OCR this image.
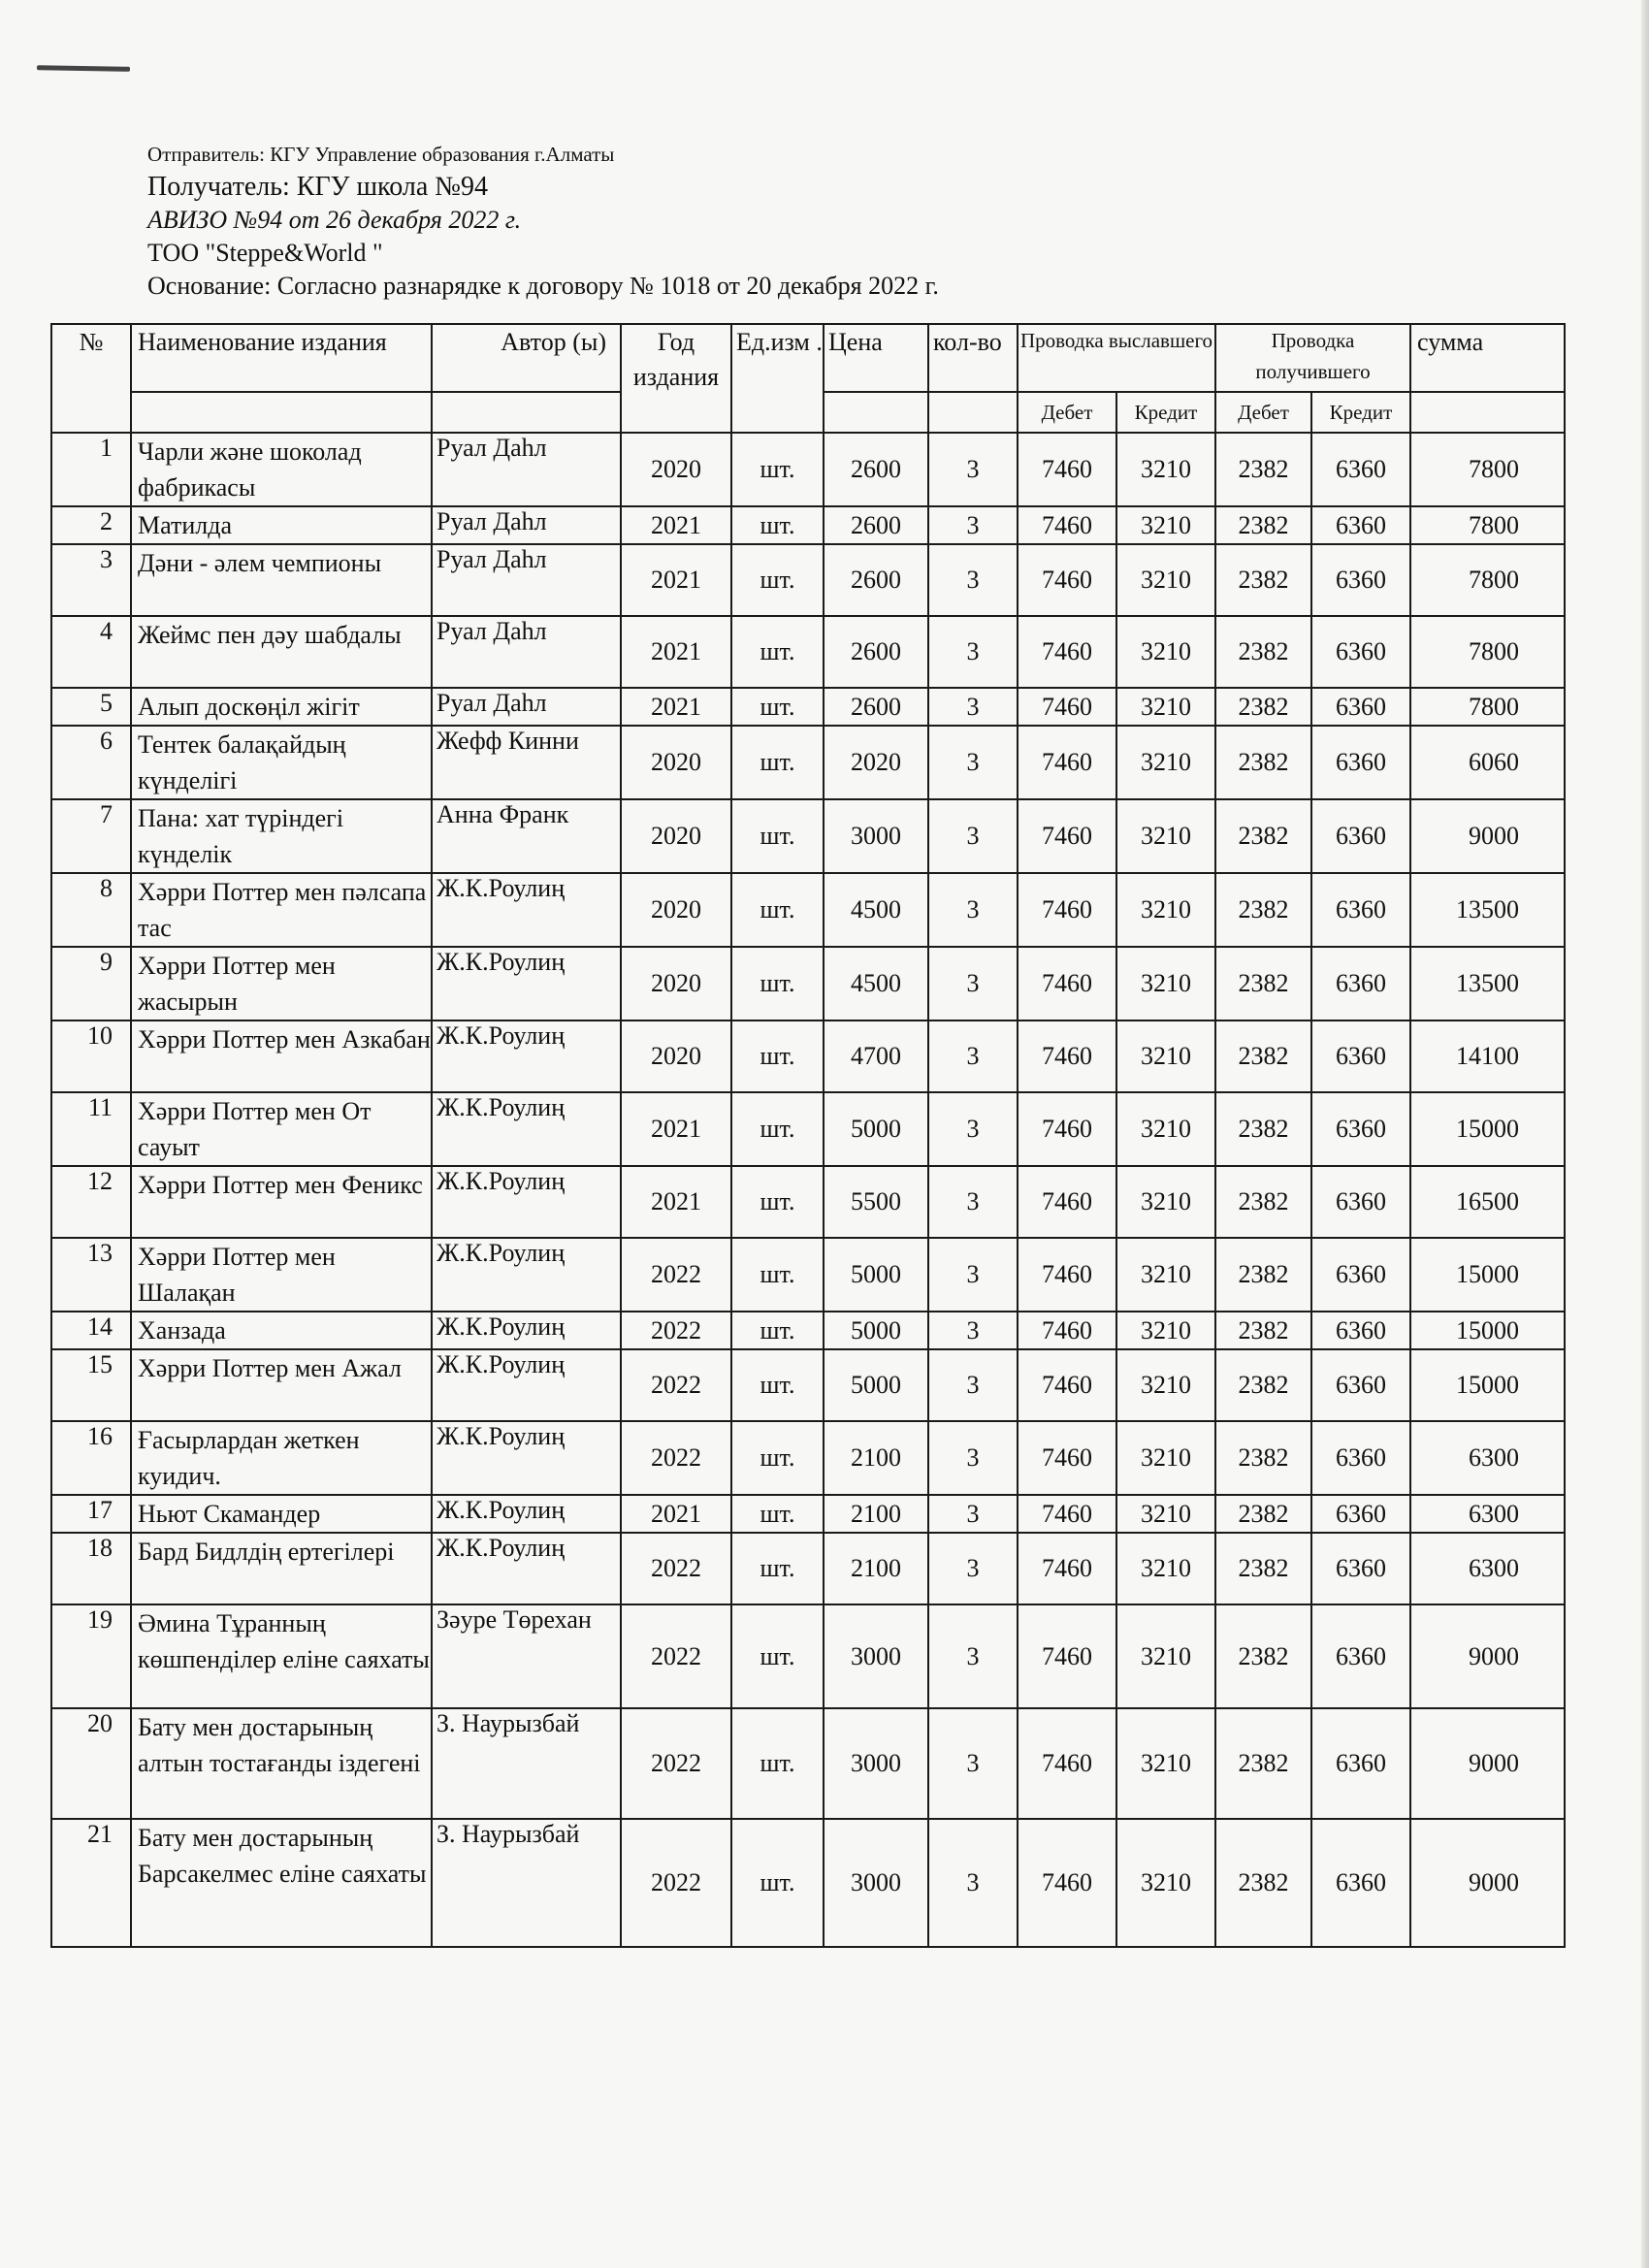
Отправитель: КГУ Управление образования г.Алматы
Получатель: КГУ школа №94
АВИЗО №94 от 26 декабря 2022 г.
ТОО "Steppe&World "
Основание: Согласно разнарядке к договору № 1018 от 20 декабря 2022 г.
№	Наименование издания	Автор (ы)	Год издания	Ед.изм .	Цена	кол-во	Проводка выславшего		Проводка получившего		сумма
							Дебет	Кредит	Дебет	Кредит	
1	Чарли және шоколад фабрикасы	Руал Даһл	2020	шт.	2600	3	7460	3210	2382	6360	7800
2	Матилда	Руал Даһл	2021	шт.	2600	3	7460	3210	2382	6360	7800
3	Дәни - әлем чемпионы	Руал Даһл	2021	шт.	2600	3	7460	3210	2382	6360	7800
4	Жеймс пен дәу шабдалы	Руал Даһл	2021	шт.	2600	3	7460	3210	2382	6360	7800
5	Алып доскөңіл жігіт	Руал Даһл	2021	шт.	2600	3	7460	3210	2382	6360	7800
6	Тентек балақайдың күнделігі	Жефф Кинни	2020	шт.	2020	3	7460	3210	2382	6360	6060
7	Пана: хат түріндегі күнделік	Анна Франк	2020	шт.	3000	3	7460	3210	2382	6360	9000
8	Хәрри Поттер мен пәлсапа тас	Ж.К.Роулиң	2020	шт.	4500	3	7460	3210	2382	6360	13500
9	Хәрри Поттер мен жасырын	Ж.К.Роулиң	2020	шт.	4500	3	7460	3210	2382	6360	13500
10	Хәрри Поттер мен Азкабан	Ж.К.Роулиң	2020	шт.	4700	3	7460	3210	2382	6360	14100
11	Хәрри Поттер мен От сауыт	Ж.К.Роулиң	2021	шт.	5000	3	7460	3210	2382	6360	15000
12	Хәрри Поттер мен Феникс	Ж.К.Роулиң	2021	шт.	5500	3	7460	3210	2382	6360	16500
13	Хәрри Поттер мен Шалақан	Ж.К.Роулиң	2022	шт.	5000	3	7460	3210	2382	6360	15000
14	Ханзада	Ж.К.Роулиң	2022	шт.	5000	3	7460	3210	2382	6360	15000
15	Хәрри Поттер мен Ажал	Ж.К.Роулиң	2022	шт.	5000	3	7460	3210	2382	6360	15000
16	Ғасырлардан жеткен куидич.	Ж.К.Роулиң	2022	шт.	2100	3	7460	3210	2382	6360	6300
17	Ньют Скамандер	Ж.К.Роулиң	2021	шт.	2100	3	7460	3210	2382	6360	6300
18	Бард Бидлдің ертегілері	Ж.К.Роулиң	2022	шт.	2100	3	7460	3210	2382	6360	6300
19	Әмина Тұранның көшпенділер еліне саяхаты	Зәуре Төрехан	2022	шт.	3000	3	7460	3210	2382	6360	9000
20	Бату мен достарының алтын тостағанды іздегені	З. Наурызбай	2022	шт.	3000	3	7460	3210	2382	6360	9000
21	Бату мен достарының Барсакелмес еліне саяхаты	З. Наурызбай	2022	шт.	3000	3	7460	3210	2382	6360	9000
